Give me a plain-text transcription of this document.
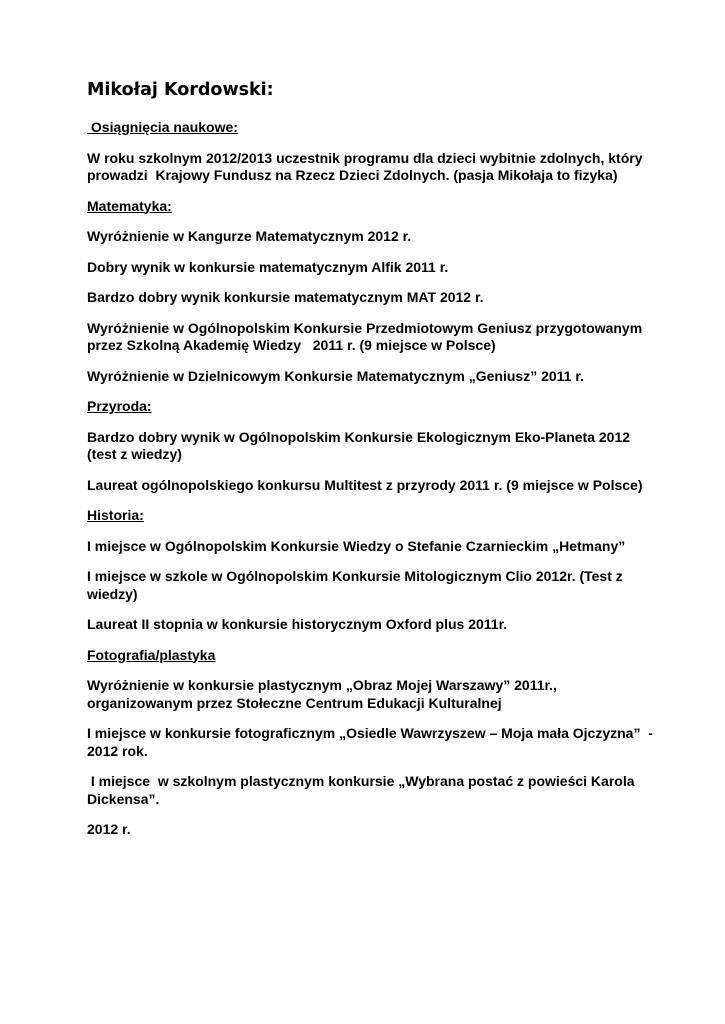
Mikołaj Kordowski:
Osiągnięcia naukowe:
W roku szkolnym 2012/2013 uczestnik programu dla dzieci wybitnie zdolnych, który prowadzi  Krajowy Fundusz na Rzecz Dzieci Zdolnych. (pasja Mikołaja to fizyka)
Matematyka:
Wyróżnienie w Kangurze Matematycznym 2012 r.
Dobry wynik w konkursie matematycznym Alfik 2011 r.
Bardzo dobry wynik konkursie matematycznym MAT 2012 r.
Wyróżnienie w Ogólnopolskim Konkursie Przedmiotowym Geniusz przygotowanym przez Szkolną Akademię Wiedzy   2011 r. (9 miejsce w Polsce)
Wyróżnienie w Dzielnicowym Konkursie Matematycznym „Geniusz” 2011 r.
Przyroda:
Bardzo dobry wynik w Ogólnopolskim Konkursie Ekologicznym Eko-Planeta 2012 (test z wiedzy)
Laureat ogólnopolskiego konkursu Multitest z przyrody 2011 r. (9 miejsce w Polsce)
Historia:
I miejsce w Ogólnopolskim Konkursie Wiedzy o Stefanie Czarnieckim „Hetmany”
I miejsce w szkole w Ogólnopolskim Konkursie Mitologicznym Clio 2012r. (Test z wiedzy)
Laureat II stopnia w konkursie historycznym Oxford plus 2011r.
Fotografia/plastyka
Wyróżnienie w konkursie plastycznym „Obraz Mojej Warszawy” 2011r., organizowanym przez Stołeczne Centrum Edukacji Kulturalnej
I miejsce w konkursie fotograficznym „Osiedle Wawrzyszew – Moja mała Ojczyzna”  - 2012 rok.
I miejsce  w szkolnym plastycznym konkursie „Wybrana postać z powieści Karola Dickensa”.
2012 r.
